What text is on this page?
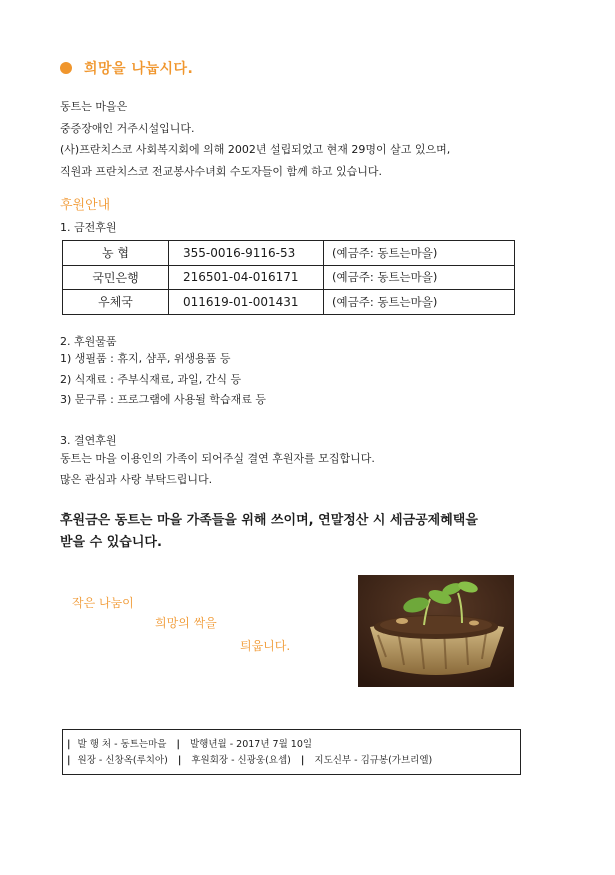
희망을 나눕시다.
동트는 마을은
중증장애인 거주시설입니다.
(사)프란치스코 사회복지회에 의해 2002년 설립되었고 현재 29명이 살고 있으며,
직원과 프란치스코 전교봉사수녀회 수도자들이 함께 하고 있습니다.
후원안내
1. 금전후원
농 협	355-0016-9116-53	(예금주: 동트는마을)
국민은행	216501-04-016171	(예금주: 동트는마을)
우체국	011619-01-001431	(예금주: 동트는마을)
2. 후원물품
1) 생필품 : 휴지, 샴푸, 위생용품 등
2) 식재료 : 주부식재료, 과일, 간식 등
3) 문구류 : 프로그램에 사용될 학습재료 등
3. 결연후원
동트는 마을 이용인의 가족이 되어주실 결연 후원자를 모집합니다.
많은 관심과 사랑 부탁드립니다.
후원금은 동트는 마을 가족들을 위해 쓰이며, 연말정산 시 세금공제혜택을
받을 수 있습니다.
작은 나눔이
희망의 싹을
틔웁니다.
| 발 행 처 - 동트는마을 | 발행년월 - 2017년 7월 10일
| 원장 - 신창옥(루치아) | 후원회장 - 신광웅(요셉) | 지도신부 - 김규봉(가브리엘)
